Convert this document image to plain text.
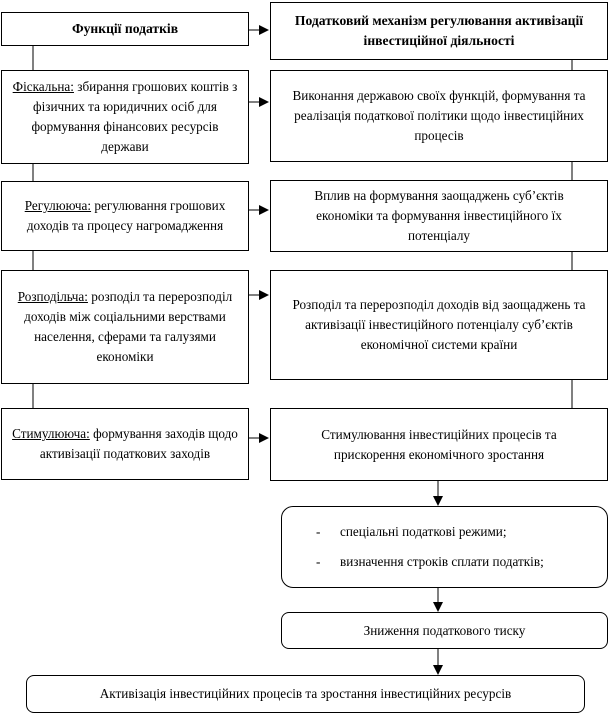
Функції податків
Податковий механізм регулювання активізації інвестиційної діяльності
Фіскальна: збирання грошових коштів з фізичних та юридичних осіб для формування фінансових ресурсів держави
Виконання державою своїх функцій, формування та реалізація податкової політики щодо інвестиційних процесів
Регулююча: регулювання грошових доходів та процесу нагромадження
Вплив на формування заощаджень суб’єктів економіки та формування інвестиційного їх потенціалу
Розподільча: розподіл та перерозподіл доходів між соціальними верствами населення, сферами та галузями економіки
Розподіл та перерозподіл доходів від заощаджень та активізації інвестиційного потенціалу суб’єктів економічної системи країни
Стимулююча: формування заходів щодо активізації податкових заходів
Стимулювання інвестиційних процесів та прискорення економічного зростання
- спеціальні податкові режими;
- визначення строків сплати податків;
Зниження податкового тиску
Активізація інвестиційних процесів та зростання інвестиційних ресурсів
